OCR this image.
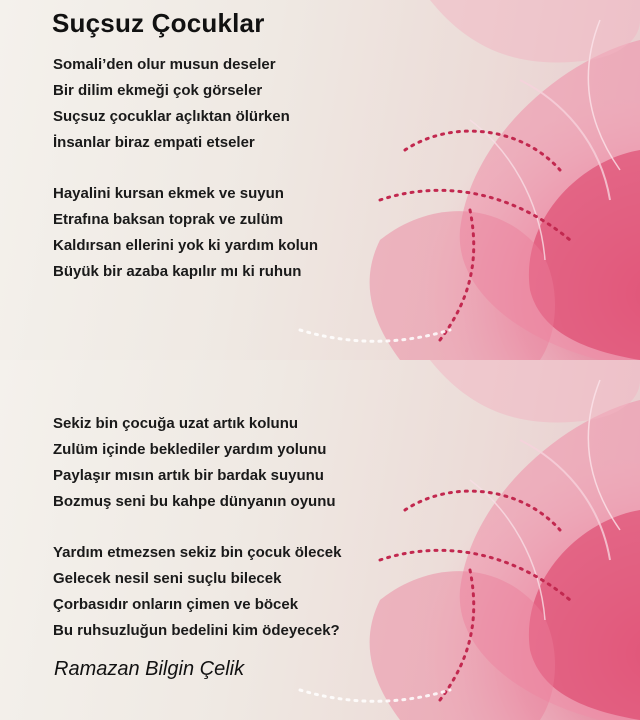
Suçsuz Çocuklar
Somali’den olur musun deseler
Bir dilim ekmeği çok görseler
Suçsuz çocuklar açlıktan ölürken
İnsanlar biraz empati etseler
Hayalini kursan ekmek ve suyun
Etrafına baksan toprak ve zulüm
Kaldırsan ellerini yok ki yardım kolun
Büyük bir azaba kapılır mı ki ruhun
Sekiz bin çocuğa uzat artık kolunu
Zulüm içinde beklediler yardım yolunu
Paylaşır mısın artık bir bardak suyunu
Bozmuş seni bu kahpe dünyanın oyunu
Yardım etmezsen sekiz bin çocuk ölecek
Gelecek nesil seni suçlu bilecek
Çorbasıdır onların çimen ve böcek
Bu ruhsuzluğun bedelini kim ödeyecek?

Ramazan Bilgin Çelik
